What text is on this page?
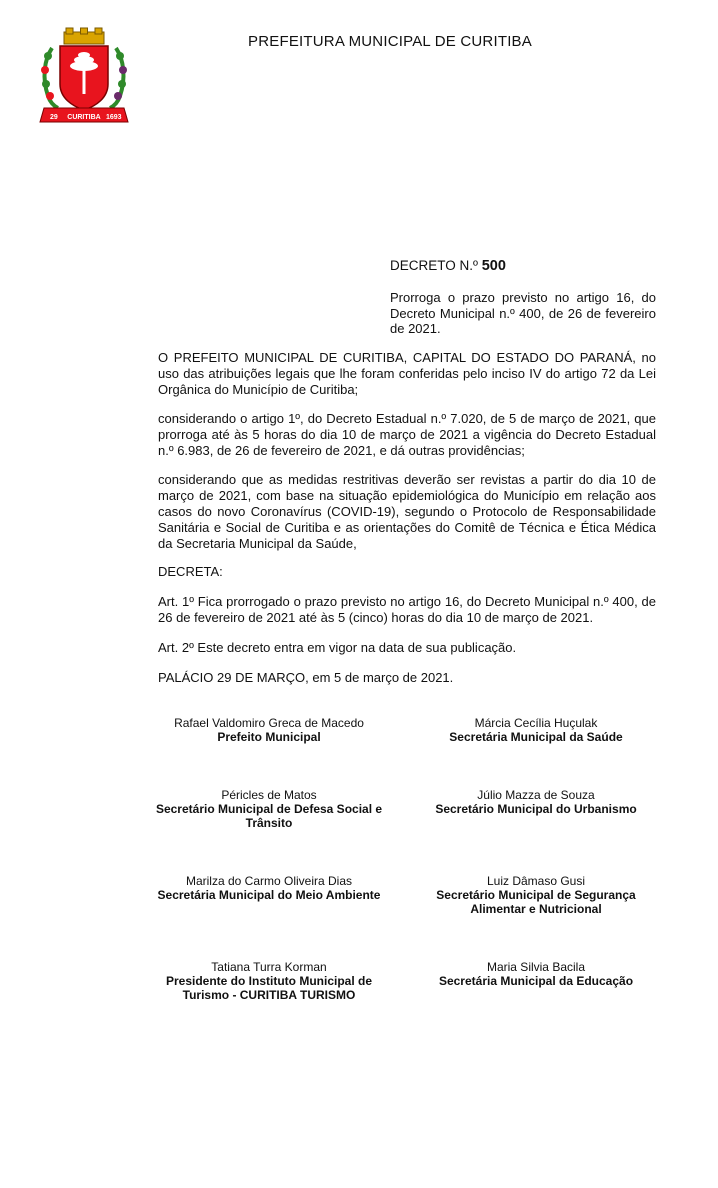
29 CURITIBA 1693
PREFEITURA MUNICIPAL DE CURITIBA
DECRETO N.º 500
Prorroga o prazo previsto no artigo 16, do Decreto Municipal n.º 400, de 26 de fevereiro de 2021.

O PREFEITO MUNICIPAL DE CURITIBA, CAPITAL DO ESTADO DO PARANÁ, no uso das atribuições legais que lhe foram conferidas pelo inciso IV do artigo 72 da Lei Orgânica do Município de Curitiba;

considerando o artigo 1º, do Decreto Estadual n.º 7.020, de 5 de março de 2021, que prorroga até às 5 horas do dia 10 de março de 2021 a vigência do Decreto Estadual n.º 6.983, de 26 de fevereiro de 2021, e dá outras providências;

considerando que as medidas restritivas deverão ser revistas a partir do dia 10 de março de 2021, com base na situação epidemiológica do Município em relação aos casos do novo Coronavírus (COVID-19), segundo o Protocolo de Responsabilidade Sanitária e Social de Curitiba e as orientações do Comitê de Técnica e Ética Médica da Secretaria Municipal da Saúde,

DECRETA:

Art. 1º Fica prorrogado o prazo previsto no artigo 16, do Decreto Municipal n.º 400, de 26 de fevereiro de 2021 até às 5 (cinco) horas do dia 10 de março de 2021.

Art. 2º Este decreto entra em vigor na data de sua publicação.

PALÁCIO 29 DE MARÇO, em 5 de março de 2021.

Rafael Valdomiro Greca de Macedo
Prefeito Municipal
Márcia Cecília Huçulak
Secretária Municipal da Saúde
Péricles de Matos
Secretário Municipal de Defesa Social e Trânsito
Júlio Mazza de Souza
Secretário Municipal do Urbanismo
Marilza do Carmo Oliveira Dias
Secretária Municipal do Meio Ambiente
Luiz Dâmaso Gusi
Secretário Municipal de Segurança Alimentar e Nutricional
Tatiana Turra Korman
Presidente do Instituto Municipal de Turismo - CURITIBA TURISMO
Maria Silvia Bacila
Secretária Municipal da Educação
